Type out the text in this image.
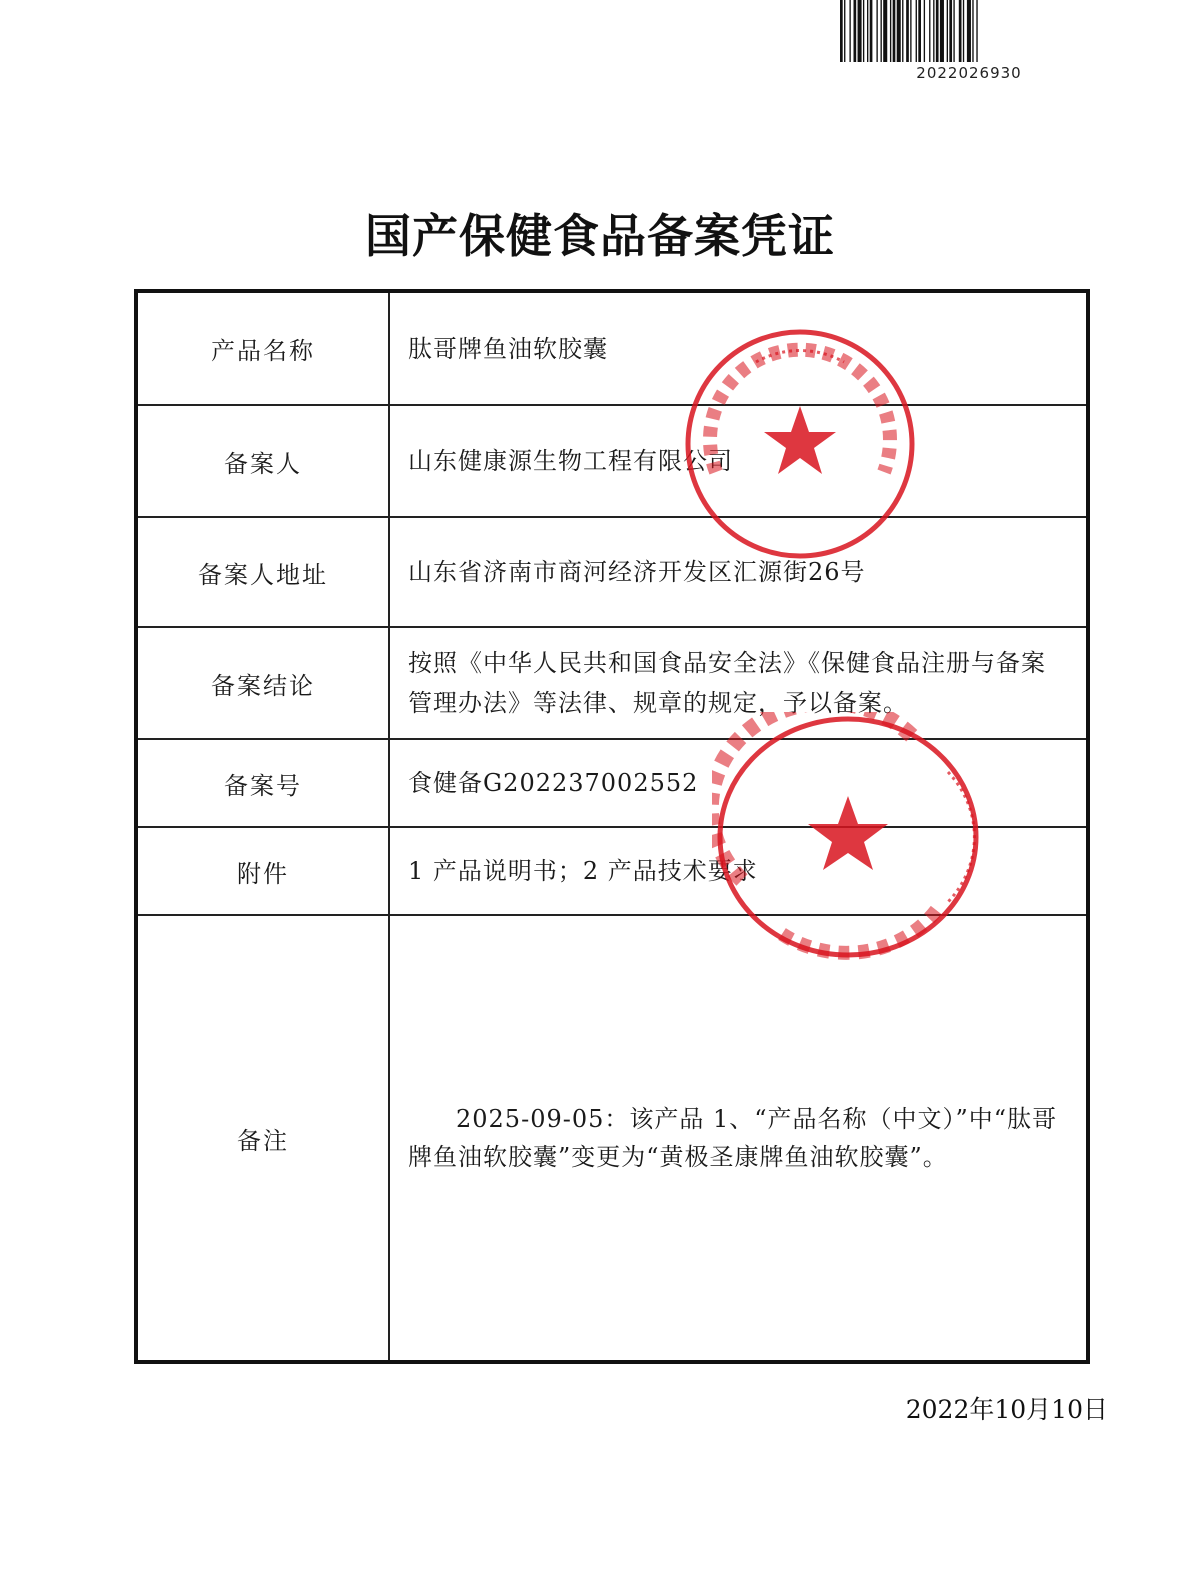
2022026930
国产保健食品备案凭证
产品名称	肽哥牌鱼油软胶囊
备案人	山东健康源生物工程有限公司
备案人地址	山东省济南市商河经济开发区汇源街26号
备案结论	按照《中华人民共和国食品安全法》《保健食品注册与备案管理办法》等法律、规章的规定，予以备案。
备案号	食健备G202237002552
附件	1 产品说明书；2 产品技术要求
备注	2025-09-05：该产品 1、“产品名称（中文）”中“肽哥牌鱼油软胶囊”变更为“黄极圣康牌鱼油软胶囊”。
2022年10月10日
